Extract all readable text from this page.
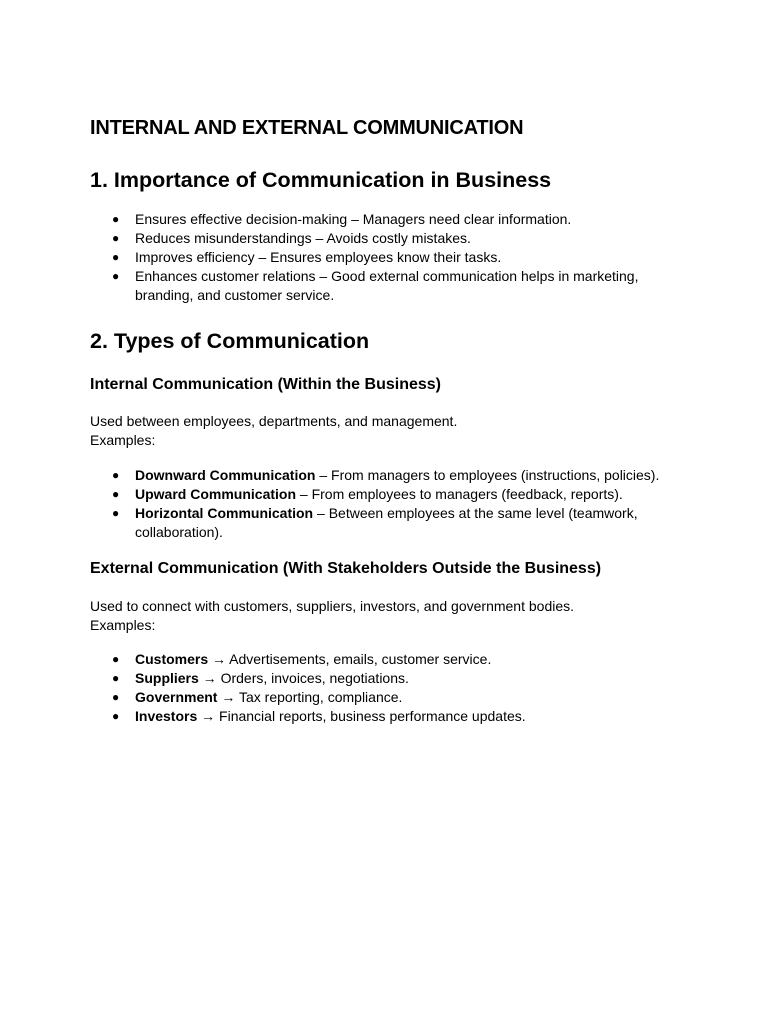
INTERNAL AND EXTERNAL COMMUNICATION
1. Importance of Communication in Business
● Ensures effective decision-making – Managers need clear information.
● Reduces misunderstandings – Avoids costly mistakes.
● Improves efficiency – Ensures employees know their tasks.
● Enhances customer relations – Good external communication helps in marketing, branding, and customer service.
2. Types of Communication
Internal Communication (Within the Business)

Used between employees, departments, and management.

Examples:

● Downward Communication – From managers to employees (instructions, policies).
● Upward Communication – From employees to managers (feedback, reports).
● Horizontal Communication – Between employees at the same level (teamwork, collaboration).
External Communication (With Stakeholders Outside the Business)

Used to connect with customers, suppliers, investors, and government bodies.

Examples:

● Customers → Advertisements, emails, customer service.
● Suppliers → Orders, invoices, negotiations.
● Government → Tax reporting, compliance.
● Investors → Financial reports, business performance updates.
